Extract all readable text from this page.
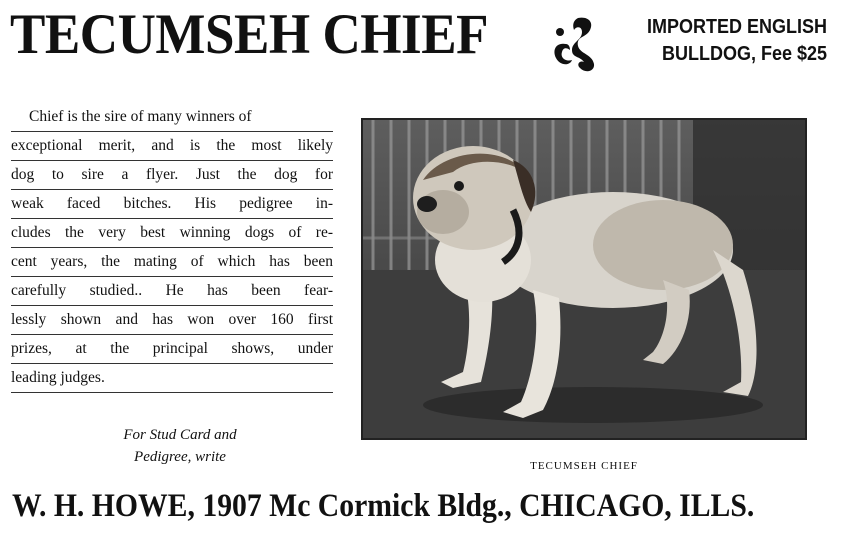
TECUMSEH CHIEF	IMPORTED ENGLISH
BULLDOG, Fee $25
Chief is the sire of many winners of
exceptional merit, and is the most likely
dog to sire a flyer. Just the dog for
weak faced bitches. His pedigree in-
cludes the very best winning dogs of re-
cent years, the mating of which has been
carefully studied.. He has been fear-
lessly shown and has won over 160 first
prizes, at the principal shows, under
leading judges.
For Stud Card and
Pedigree, write
TECUMSEH CHIEF
W. H. HOWE, 1907 Mc Cormick Bldg., CHICAGO, ILLS.
